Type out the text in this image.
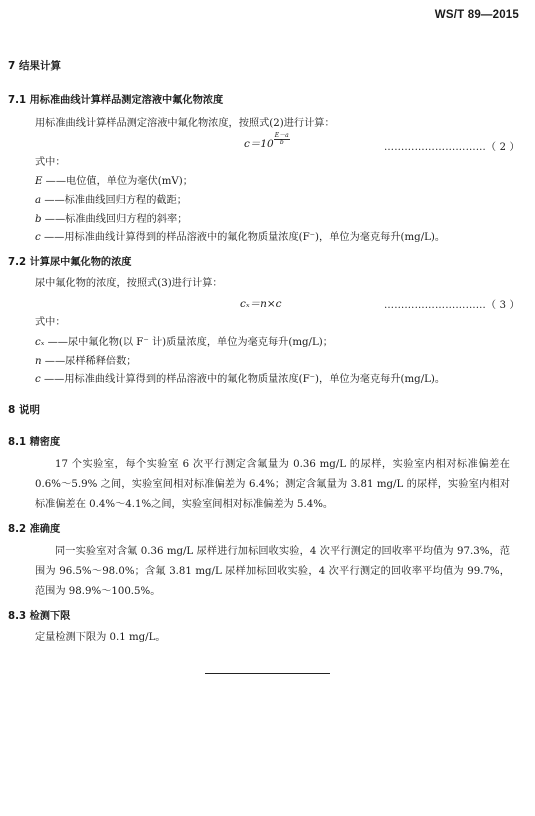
WS/T 89—2015
7 结果计算
7.1 用标准曲线计算样品测定溶液中氟化物浓度
用标准曲线计算样品测定溶液中氟化物浓度，按照式(2)进行计算：
$c=10 \frac{E-a}{b}$
…………………………（ 2 ）
式中：
E ——电位值，单位为毫伏(mV)；
a ——标准曲线回归方程的截距；
b ——标准曲线回归方程的斜率；
c ——用标准曲线计算得到的样品溶液中的氟化物质量浓度(F⁻)，单位为毫克每升(mg/L)。
7.2 计算尿中氟化物的浓度
尿中氟化物的浓度，按照式(3)进行计算：
cₓ＝n×c	…………………………（ 3 ）
式中：
cₓ ——尿中氟化物(以 F⁻ 计)质量浓度，单位为毫克每升(mg/L)；
n ——尿样稀释倍数；
c ——用标准曲线计算得到的样品溶液中的氟化物质量浓度(F⁻)，单位为毫克每升(mg/L)。
8 说明
8.1 精密度
17 个实验室，每个实验室 6 次平行测定含氟量为 0.36 mg/L 的尿样，实验室内相对标准偏差在 0.6%～5.9% 之间，实验室间相对标准偏差为 6.4%；测定含氟量为 3.81 mg/L 的尿样，实验室内相对标准偏差在 0.4%～4.1%之间，实验室间相对标准偏差为 5.4%。
8.2 准确度
同一实验室对含氟 0.36 mg/L 尿样进行加标回收实验，4 次平行测定的回收率平均值为 97.3%，范围为 96.5%～98.0%；含氟 3.81 mg/L 尿样加标回收实验，4 次平行测定的回收率平均值为 99.7%，范围为 98.9%～100.5%。
8.3 检测下限
定量检测下限为 0.1 mg/L。
